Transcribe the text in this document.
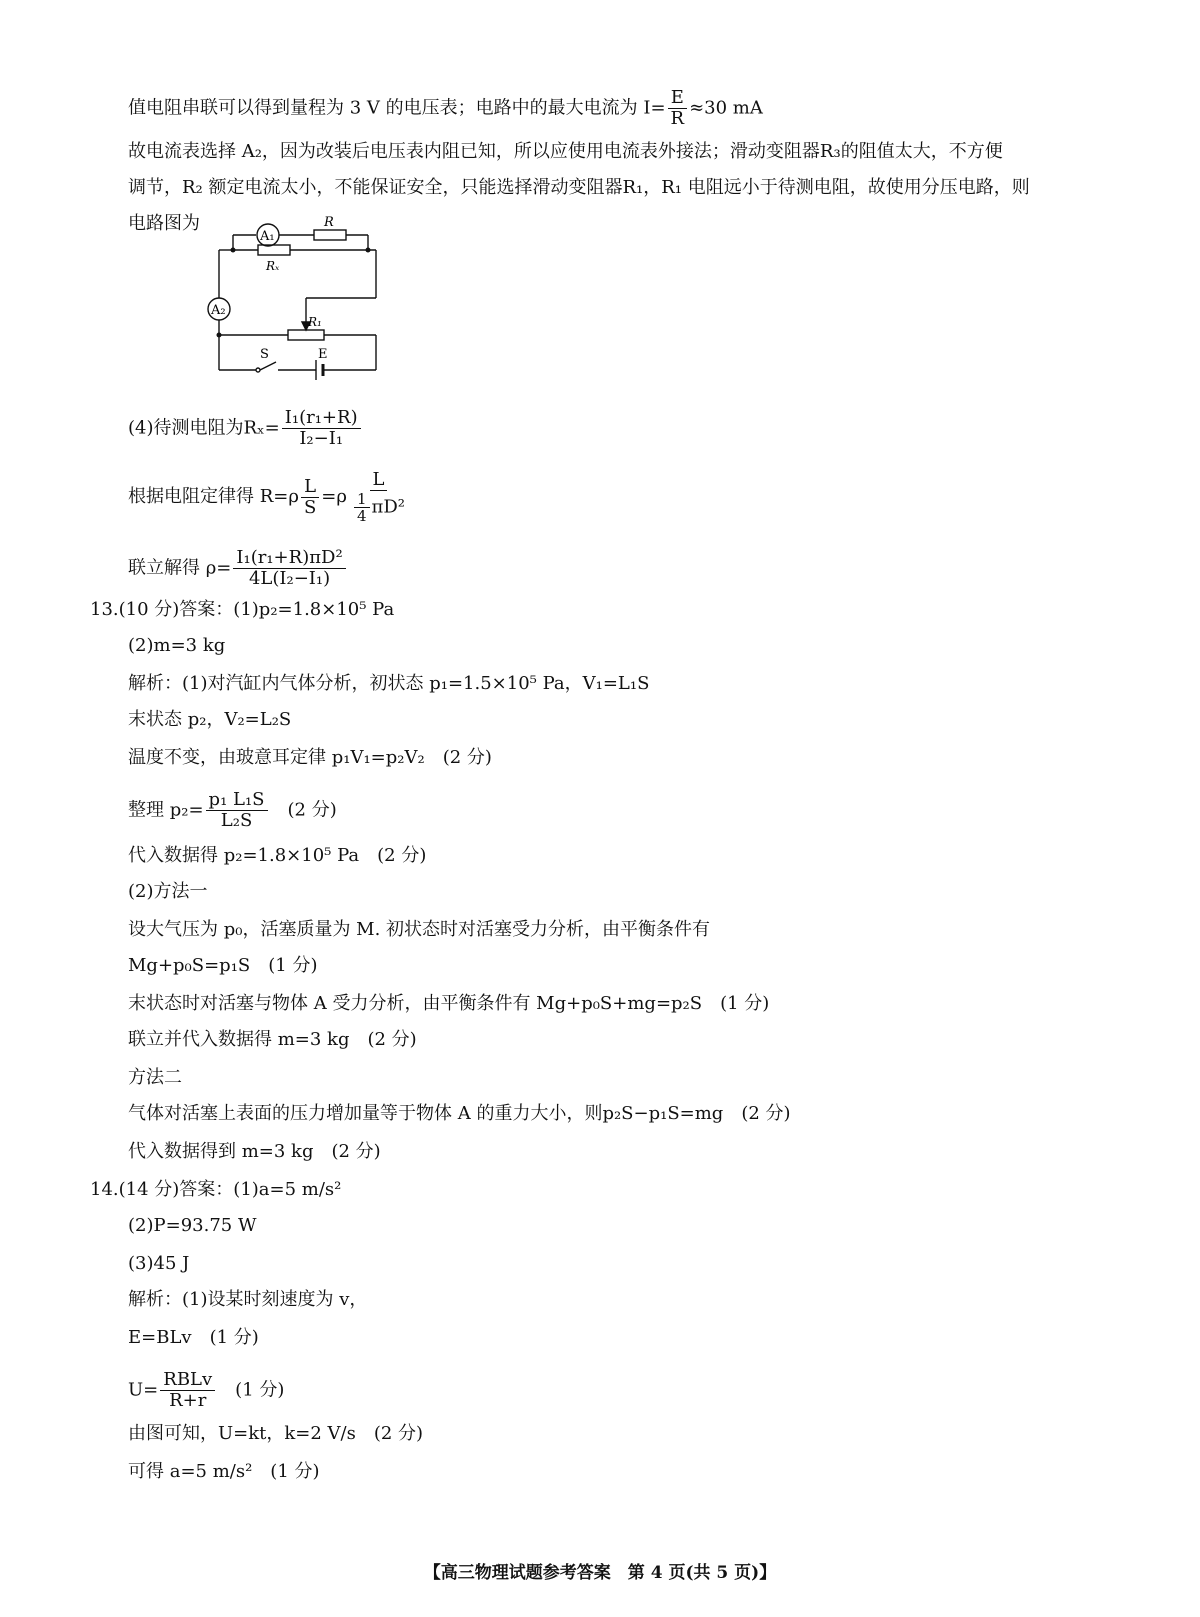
值电阻串联可以得到量程为 3 V 的电压表；电路中的最大电流为 $I= \frac{E}{R} \approx 30$ mA
故电流表选择 A₂，因为改装后电压表内阻已知，所以应使用电流表外接法；滑动变阻器R₃的阻值太大，不方便
调节，R₂ 额定电流太小，不能保证安全，只能选择滑动变阻器R₁，R₁ 电阻远小于待测电阻，故使用分压电路，则
电路图为
A₁
R
Rₓ
A₂
R₁
S	E
(4)待测电阻为$R_x= \frac{\text{I₁(r₁+R)}}{\text{I₂−I₁}}$
根据电阻定律得 $R=\rho \frac{L}{S} =\rho \frac{L}{\frac{1}{4} \pi D^2}$
联立解得 $\rho= \frac{\text{I₁(r₁+R)πD²}}{\text{4L(I₂−I₁)}}$
13.(10 分)答案：(1)p₂=1.8×10⁵ Pa
(2)m=3 kg
解析：(1)对汽缸内气体分析，初状态 p₁=1.5×10⁵ Pa，V₁=L₁S
末状态 p₂，V₂=L₂S
温度不变，由玻意耳定律 p₁V₁=p₂V₂　(2 分)
整理 $p_2= \frac{\text{p₁ L₁S}}{\text{L₂S}}$ 　(2 分)
代入数据得 p₂=1.8×10⁵ Pa　(2 分)
(2)方法一
设大气压为 p₀，活塞质量为 M. 初状态时对活塞受力分析，由平衡条件有
Mg+p₀S=p₁S　(1 分)
末状态时对活塞与物体 A 受力分析，由平衡条件有 Mg+p₀S+mg=p₂S　(1 分)
联立并代入数据得 m=3 kg　(2 分)
方法二
气体对活塞上表面的压力增加量等于物体 A 的重力大小，则p₂S−p₁S=mg　(2 分)
代入数据得到 m=3 kg　(2 分)
14.(14 分)答案：(1)a=5 m/s²
(2)P=93.75 W
(3)45 J
解析：(1)设某时刻速度为 v，
E=BLv　(1 分)
$U= \frac{\text{RBLv}}{R+r}$ 　(1 分)
由图可知，U=kt，k=2 V/s　(2 分)
可得 a=5 m/s²　(1 分)
【高三物理试题参考答案　第 4 页(共 5 页)】
